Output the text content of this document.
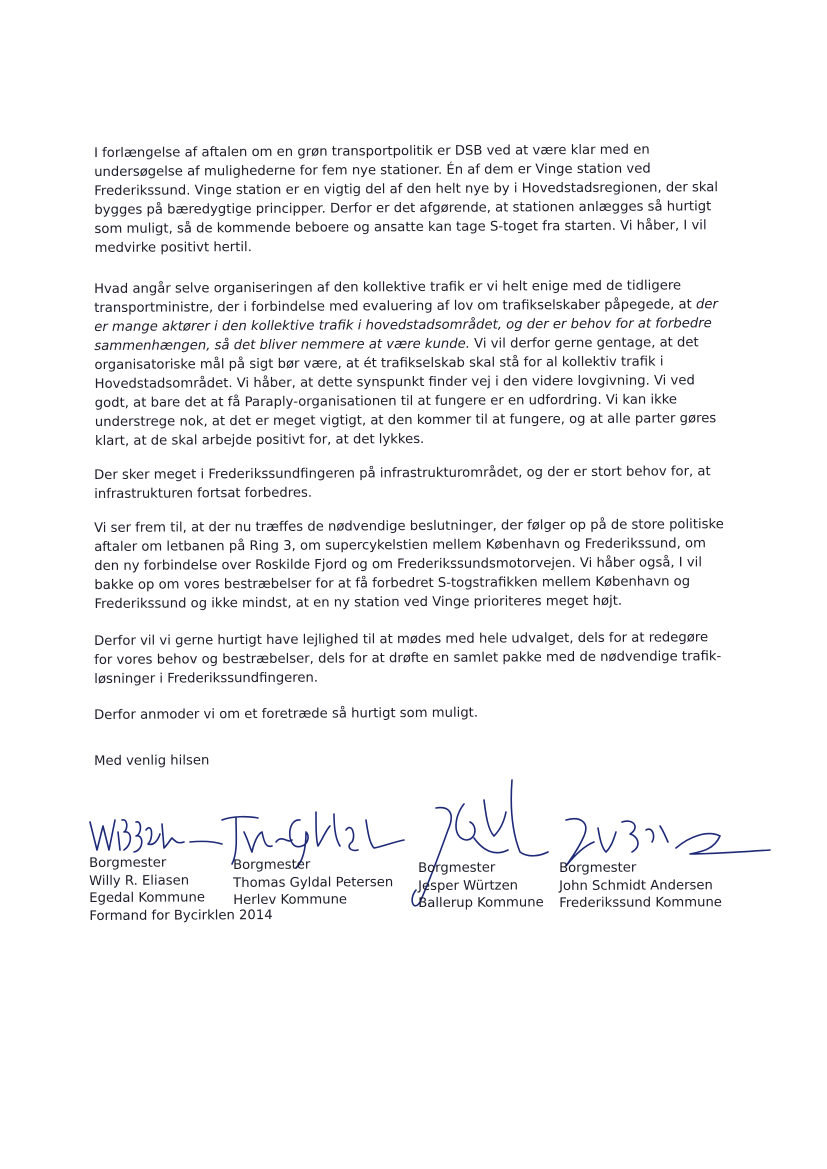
I forlængelse af aftalen om en grøn transportpolitik er DSB ved at være klar med en
undersøgelse af mulighederne for fem nye stationer. Én af dem er Vinge station ved
Frederikssund. Vinge station er en vigtig del af den helt nye by i Hovedstadsregionen, der skal
bygges på bæredygtige principper. Derfor er det afgørende, at stationen anlægges så hurtigt
som muligt, så de kommende beboere og ansatte kan tage S-toget fra starten. Vi håber, I vil
medvirke positivt hertil.
Hvad angår selve organiseringen af den kollektive trafik er vi helt enige med de tidligere
transportministre, der i forbindelse med evaluering af lov om trafikselskaber påpegede, at der
er mange aktører i den kollektive trafik i hovedstadsområdet, og der er behov for at forbedre
sammenhængen, så det bliver nemmere at være kunde. Vi vil derfor gerne gentage, at det
organisatoriske mål på sigt bør være, at ét trafikselskab skal stå for al kollektiv trafik i
Hovedstadsområdet. Vi håber, at dette synspunkt finder vej i den videre lovgivning. Vi ved
godt, at bare det at få Paraply-organisationen til at fungere er en udfordring. Vi kan ikke
understrege nok, at det er meget vigtigt, at den kommer til at fungere, og at alle parter gøres
klart, at de skal arbejde positivt for, at det lykkes.
Der sker meget i Frederikssundfingeren på infrastrukturområdet, og der er stort behov for, at
infrastrukturen fortsat forbedres.
Vi ser frem til, at der nu træffes de nødvendige beslutninger, der følger op på de store politiske
aftaler om letbanen på Ring 3, om supercykelstien mellem København og Frederikssund, om
den ny forbindelse over Roskilde Fjord og om Frederikssundsmotorvejen. Vi håber også, I vil
bakke op om vores bestræbelser for at få forbedret S-togstrafikken mellem København og
Frederikssund og ikke mindst, at en ny station ved Vinge prioriteres meget højt.
Derfor vil vi gerne hurtigt have lejlighed til at mødes med hele udvalget, dels for at redegøre
for vores behov og bestræbelser, dels for at drøfte en samlet pakke med de nødvendige trafik-
løsninger i Frederikssundfingeren.
Derfor anmoder vi om et foretræde så hurtigt som muligt.
Med venlig hilsen
Borgmester
Willy R. Eliasen
Egedal Kommune
Formand for Bycirklen 2014
Borgmester
Thomas Gyldal Petersen
Herlev Kommune
Borgmester
Jesper Würtzen
Ballerup Kommune
Borgmester
John Schmidt Andersen
Frederikssund Kommune
